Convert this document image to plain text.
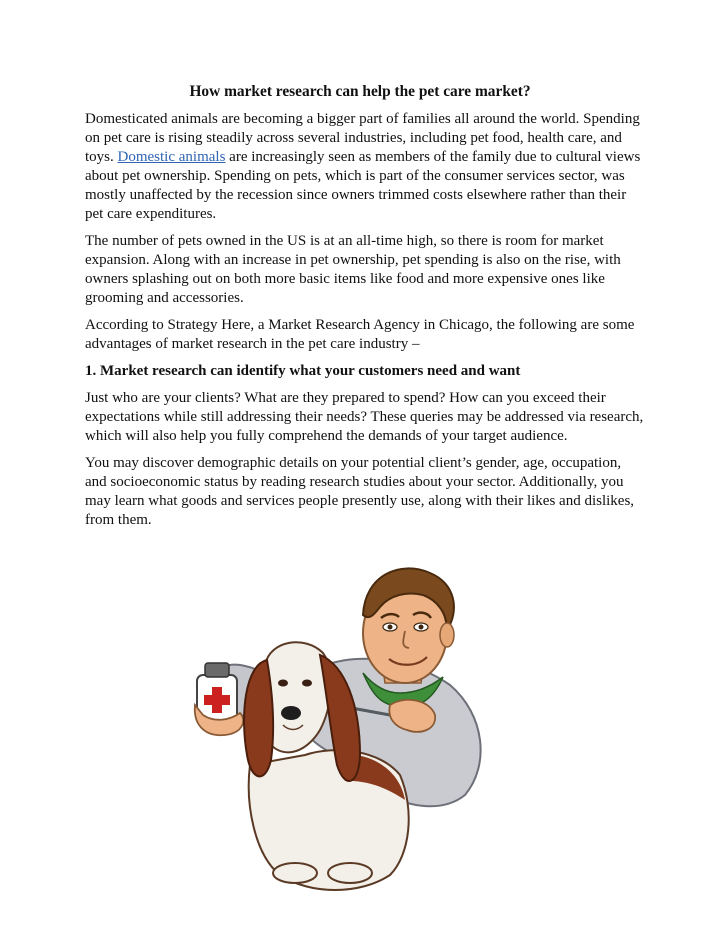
How market research can help the pet care market?

Domesticated animals are becoming a bigger part of families all around the world. Spending on pet care is rising steadily across several industries, including pet food, health care, and toys. Domestic animals are increasingly seen as members of the family due to cultural views about pet ownership. Spending on pets, which is part of the consumer services sector, was mostly unaffected by the recession since owners trimmed costs elsewhere rather than their pet care expenditures.

The number of pets owned in the US is at an all-time high, so there is room for market expansion. Along with an increase in pet ownership, pet spending is also on the rise, with owners splashing out on both more basic items like food and more expensive ones like grooming and accessories.

According to Strategy Here, a Market Research Agency in Chicago, the following are some advantages of market research in the pet care industry –

1. Market research can identify what your customers need and want

Just who are your clients? What are they prepared to spend? How can you exceed their expectations while still addressing their needs? These queries may be addressed via research, which will also help you fully comprehend the demands of your target audience.

You may discover demographic details on your potential client’s gender, age, occupation, and socioeconomic status by reading research studies about your sector. Additionally, you may learn what goods and services people presently use, along with their likes and dislikes, from them.
